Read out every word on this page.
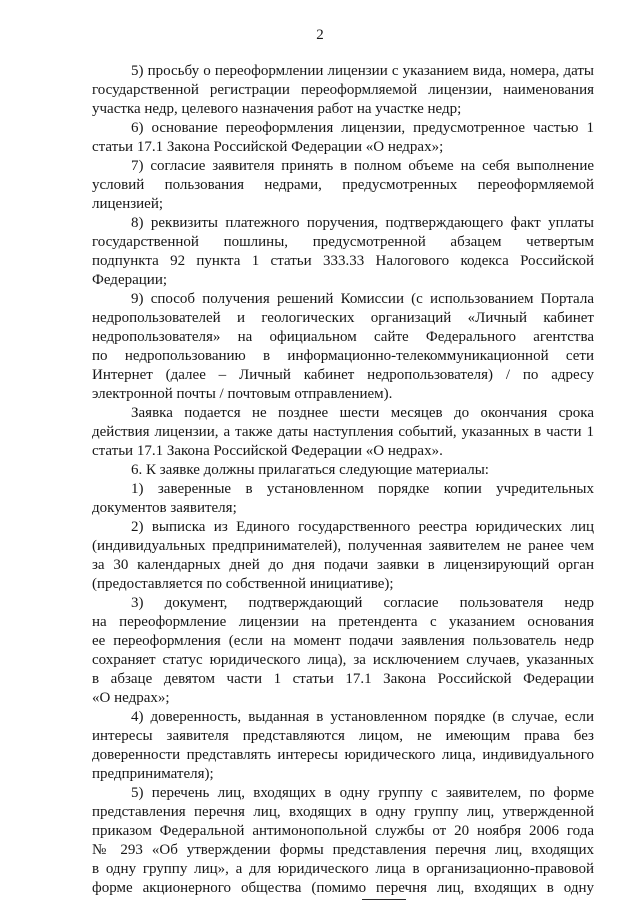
2
5) просьбу о переоформлении лицензии с указанием вида, номера, даты
государственной регистрации переоформляемой лицензии, наименования
участка недр, целевого назначения работ на участке недр;
6) основание переоформления лицензии, предусмотренное частью 1
статьи 17.1 Закона Российской Федерации «О недрах»;
7) согласие заявителя принять в полном объеме на себя выполнение
условий пользования недрами, предусмотренных переоформляемой
лицензией;
8) реквизиты платежного поручения, подтверждающего факт уплаты
государственной пошлины, предусмотренной абзацем четвертым
подпункта 92 пункта 1 статьи 333.33 Налогового кодекса Российской
Федерации;
9) способ получения решений Комиссии (с использованием Портала
недропользователей и геологических организаций «Личный кабинет
недропользователя» на официальном сайте Федерального агентства
по недропользованию в информационно-телекоммуникационной сети
Интернет (далее – Личный кабинет недропользователя) / по адресу
электронной почты / почтовым отправлением).
Заявка подается не позднее шести месяцев до окончания срока
действия лицензии, а также даты наступления событий, указанных в части 1
статьи 17.1 Закона Российской Федерации «О недрах».
6. К заявке должны прилагаться следующие материалы:
1) заверенные в установленном порядке копии учредительных
документов заявителя;
2) выписка из Единого государственного реестра юридических лиц
(индивидуальных предпринимателей), полученная заявителем не ранее чем
за 30 календарных дней до дня подачи заявки в лицензирующий орган
(предоставляется по собственной инициативе);
3) документ, подтверждающий согласие пользователя недр
на переоформление лицензии на претендента с указанием основания
ее переоформления (если на момент подачи заявления пользователь недр
сохраняет статус юридического лица), за исключением случаев, указанных
в абзаце девятом части 1 статьи 17.1 Закона Российской Федерации
«О недрах»;
4) доверенность, выданная в установленном порядке (в случае, если
интересы заявителя представляются лицом, не имеющим права без
доверенности представлять интересы юридического лица, индивидуального
предпринимателя);
5) перечень лиц, входящих в одну группу с заявителем, по форме
представления перечня лиц, входящих в одну группу лиц, утвержденной
приказом Федеральной антимонопольной службы от 20 ноября 2006 года
№ 293 «Об утверждении формы представления перечня лиц, входящих
в одну группу лиц», а для юридического лица в организационно-правовой
форме акционерного общества (помимо перечня лиц, входящих в одну
